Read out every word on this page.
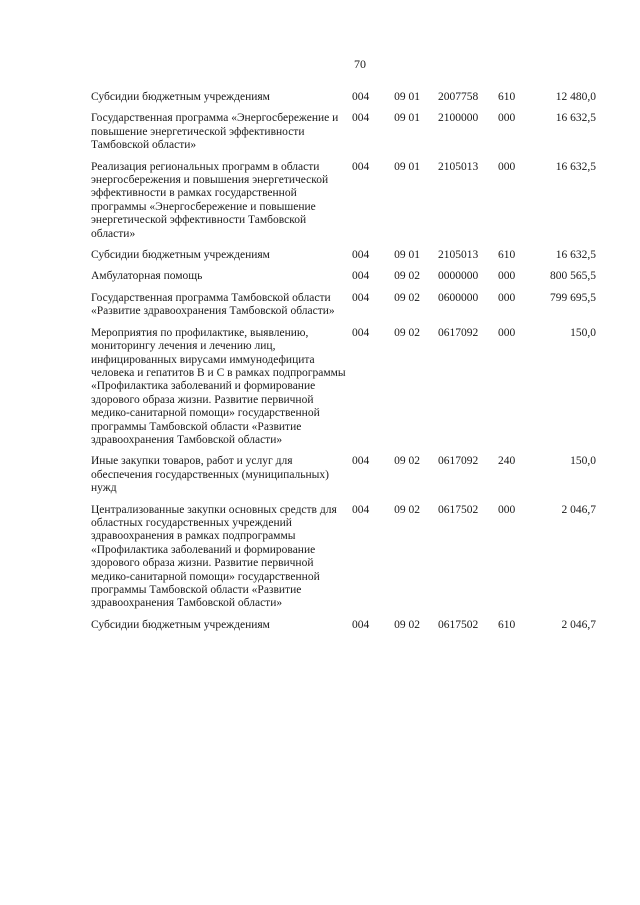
70
Субсидии бюджетным учреждениям	004	09 01	2007758	610	12 480,0
Государственная программа «Энергосбережение и повышение энергетической эффективности Тамбовской области»	004	09 01	2100000	000	16 632,5
Реализация региональных программ в области энергосбережения и повышения энергетической эффективности в рамках государственной программы «Энергосбережение и повышение энергетической эффективности Тамбовской области»	004	09 01	2105013	000	16 632,5
Субсидии бюджетным учреждениям	004	09 01	2105013	610	16 632,5
Амбулаторная помощь	004	09 02	0000000	000	800 565,5
Государственная программа Тамбовской области «Развитие здравоохранения Тамбовской области»	004	09 02	0600000	000	799 695,5
Мероприятия по профилактике, выявлению, мониторингу лечения и лечению лиц, инфицированных вирусами иммунодефицита человека и гепатитов В и С в рамках подпрограммы «Профилактика заболеваний и формирование здорового образа жизни. Развитие первичной медико-санитарной помощи» государственной программы Тамбовской области «Развитие здравоохранения Тамбовской области»	004	09 02	0617092	000	150,0
Иные закупки товаров, работ и услуг для обеспечения государственных (муниципальных) нужд	004	09 02	0617092	240	150,0
Централизованные закупки основных средств для областных государственных учреждений здравоохранения в рамках подпрограммы «Профилактика заболеваний и формирование здорового образа жизни. Развитие первичной медико-санитарной помощи» государственной программы Тамбовской области «Развитие здравоохранения Тамбовской области»	004	09 02	0617502	000	2 046,7
Субсидии бюджетным учреждениям	004	09 02	0617502	610	2 046,7
